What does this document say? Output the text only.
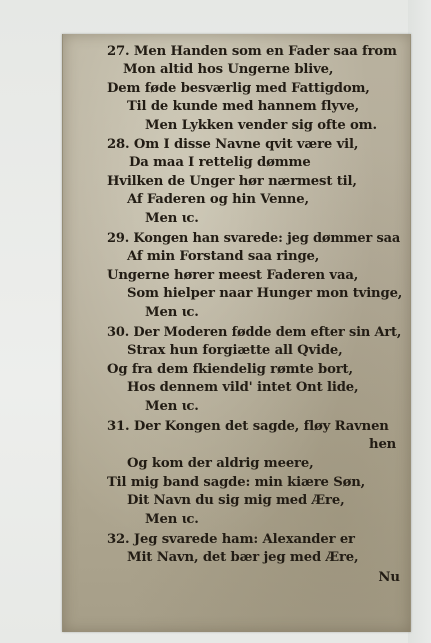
27. Men Handen som en Fader saa from
Mon altid hos Ungerne blive,
Dem føde besværlig med Fattigdom,
Til de kunde med hannem flyve,
Men Lykken vender sig ofte om.
28. Om I disse Navne qvit være vil,
Da maa I rettelig dømme
Hvilken de Unger hør nærmest til,
Af Faderen og hin Venne,
Men ɩc.
29. Kongen han svarede: jeg dømmer saa
Af min Forstand saa ringe,
Ungerne hører meest Faderen vaa,
Som hielper naar Hunger mon tvinge,
Men ɩc.
30. Der Moderen fødde dem efter sin Art,
Strax hun forgiætte all Qvide,
Og fra dem fkiendelig rømte bort,
Hos dennem vild' intet Ont lide,
Men ɩc.
31. Der Kongen det sagde, fløy Ravnen
hen
Og kom der aldrig meere,
Til mig band sagde: min kiære Søn,
Dit Navn du sig mig med Ære,
Men ɩc.
32. Jeg svarede ham: Alexander er
Mit Navn, det bær jeg med Ære,
Nu
